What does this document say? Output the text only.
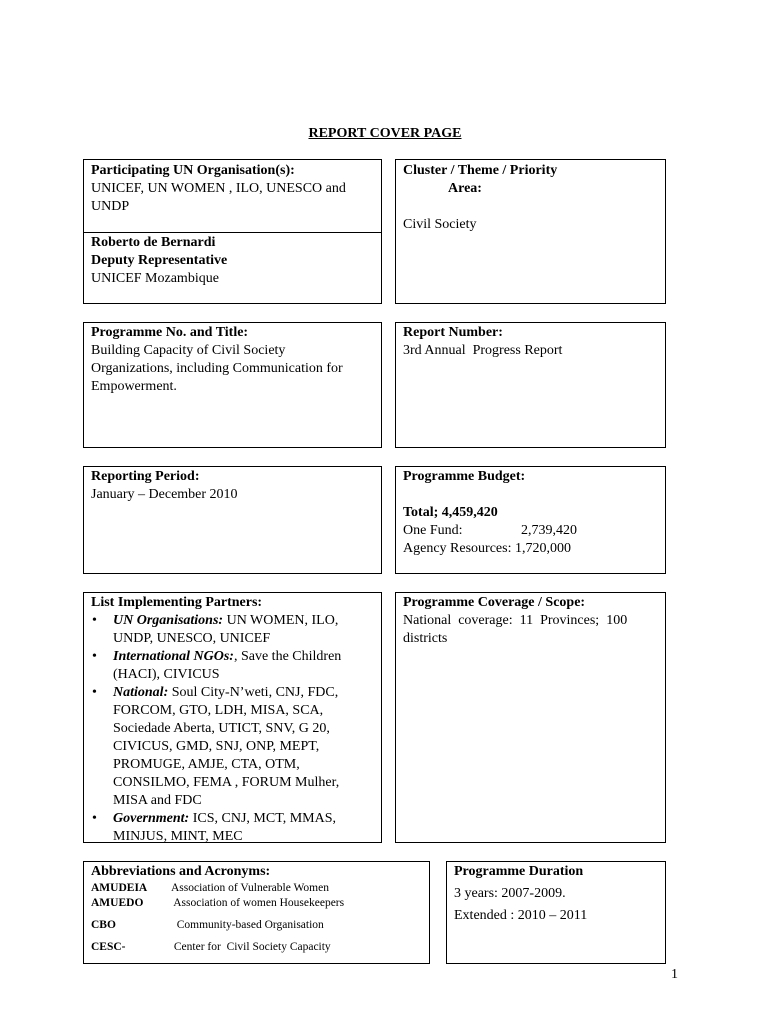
REPORT COVER PAGE
Participating UN Organisation(s):
UNICEF, UN WOMEN , ILO, UNESCO and
UNDP
Roberto de Bernardi
Deputy Representative
UNICEF Mozambique
Cluster / Theme / Priority
Area:

Civil Society
Programme No. and Title:
Building Capacity of Civil Society
Organizations, including Communication for
Empowerment.
Report Number:
3rd Annual  Progress Report
Reporting Period:
January – December 2010
Programme Budget:

Total; 4,459,420
One Fund:	2,739,420
Agency Resources: 1,720,000
List Implementing Partners:
• UN Organisations: UN WOMEN, ILO,
UNDP, UNESCO, UNICEF
• International NGOs:, Save the Children
(HACI), CIVICUS
• National: Soul City-N’weti, CNJ, FDC,
FORCOM, GTO, LDH, MISA, SCA,
Sociedade Aberta, UTICT, SNV, G 20,
CIVICUS, GMD, SNJ, ONP, MEPT,
PROMUGE, AMJE, CTA, OTM,
CONSILMO, FEMA , FORUM Mulher,
MISA and FDC
• Government: ICS, CNJ, MCT, MMAS,
MINJUS, MINT, MEC
Programme Coverage / Scope:
National  coverage:  11  Provinces;  100
districts
Abbreviations and Acronyms:
AMUDEIA Association of Vulnerable Women
AMUEDO Association of women Housekeepers
CBO	Community-based Organisation
CESC-	Center for  Civil Society Capacity
Programme Duration
3 years: 2007-2009.
Extended : 2010 – 2011
1
